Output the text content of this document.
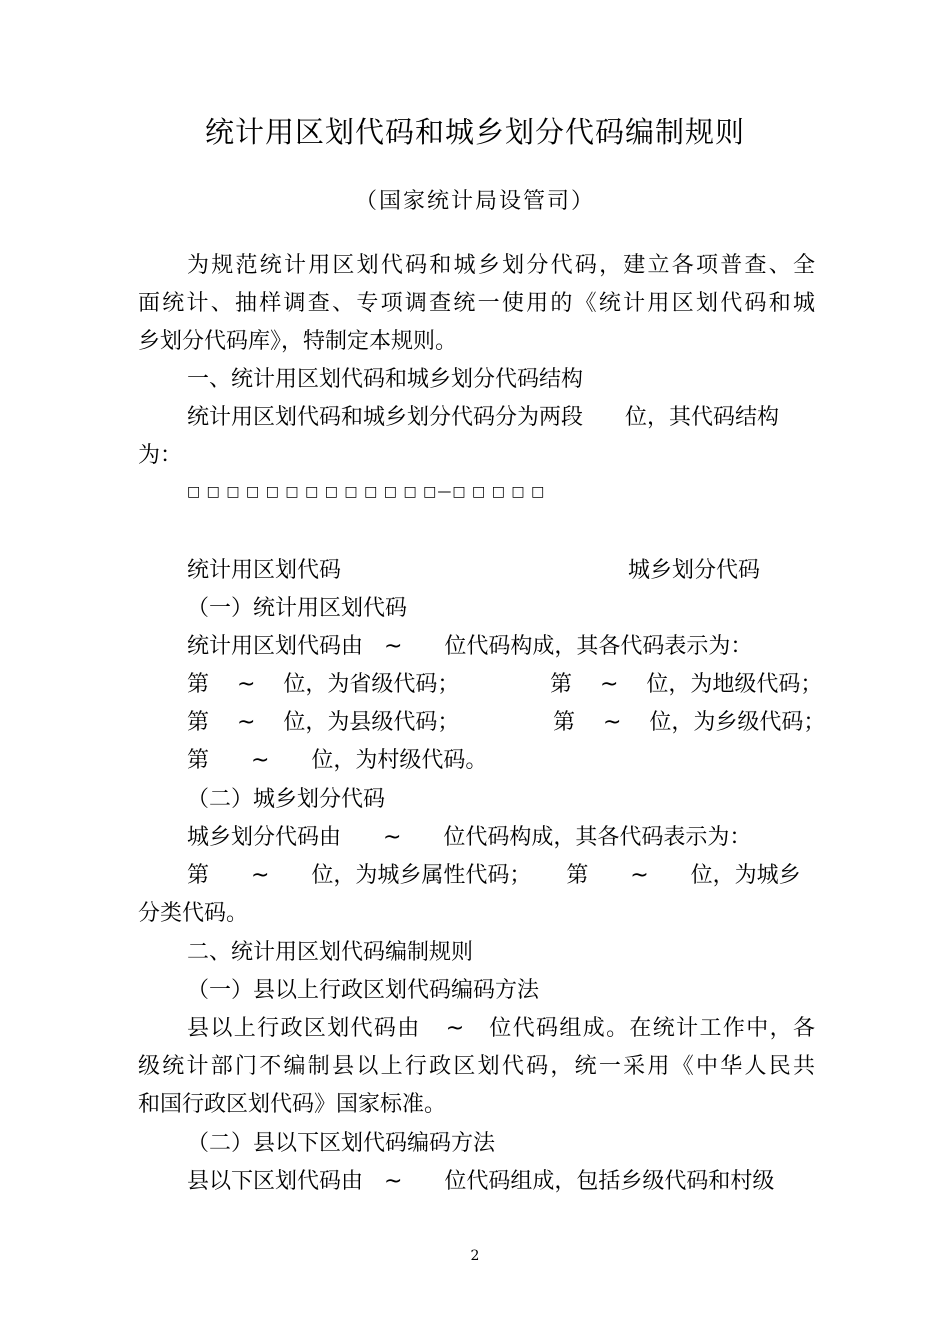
统计用区划代码和城乡划分代码编制规则
（国家统计局设管司）
为规范统计用区划代码和城乡划分代码，建立各项普查、全
面统计、抽样调查、专项调查统一使用的《统计用区划代码和城
乡划分代码库》，特制定本规则。
一、统计用区划代码和城乡划分代码结构
统计用区划代码和城乡划分代码分为两段      位，其代码结构
为：
□ □ □ □ □ □ □ □ □ □ □ □ □—□ □ □ □ □
统计用区划代码	城乡划分代码
（一）统计用区划代码
统计用区划代码由   ~      位代码构成，其各代码表示为：
第    ~    位，为省级代码；	第    ~    位，为地级代码；
第    ~    位，为县级代码；	第    ~    位，为乡级代码；
第      ~      位，为村级代码。
（二）城乡划分代码
城乡划分代码由      ~      位代码构成，其各代码表示为：
第      ~      位，为城乡属性代码；     第      ~      位，为城乡
分类代码。
二、统计用区划代码编制规则
（一）县以上行政区划代码编码方法
县以上行政区划代码由   ~   位代码组成。在统计工作中，各
级统计部门不编制县以上行政区划代码，统一采用《中华人民共
和国行政区划代码》国家标准。
（二）县以下区划代码编码方法
县以下区划代码由   ~      位代码组成，包括乡级代码和村级
2
